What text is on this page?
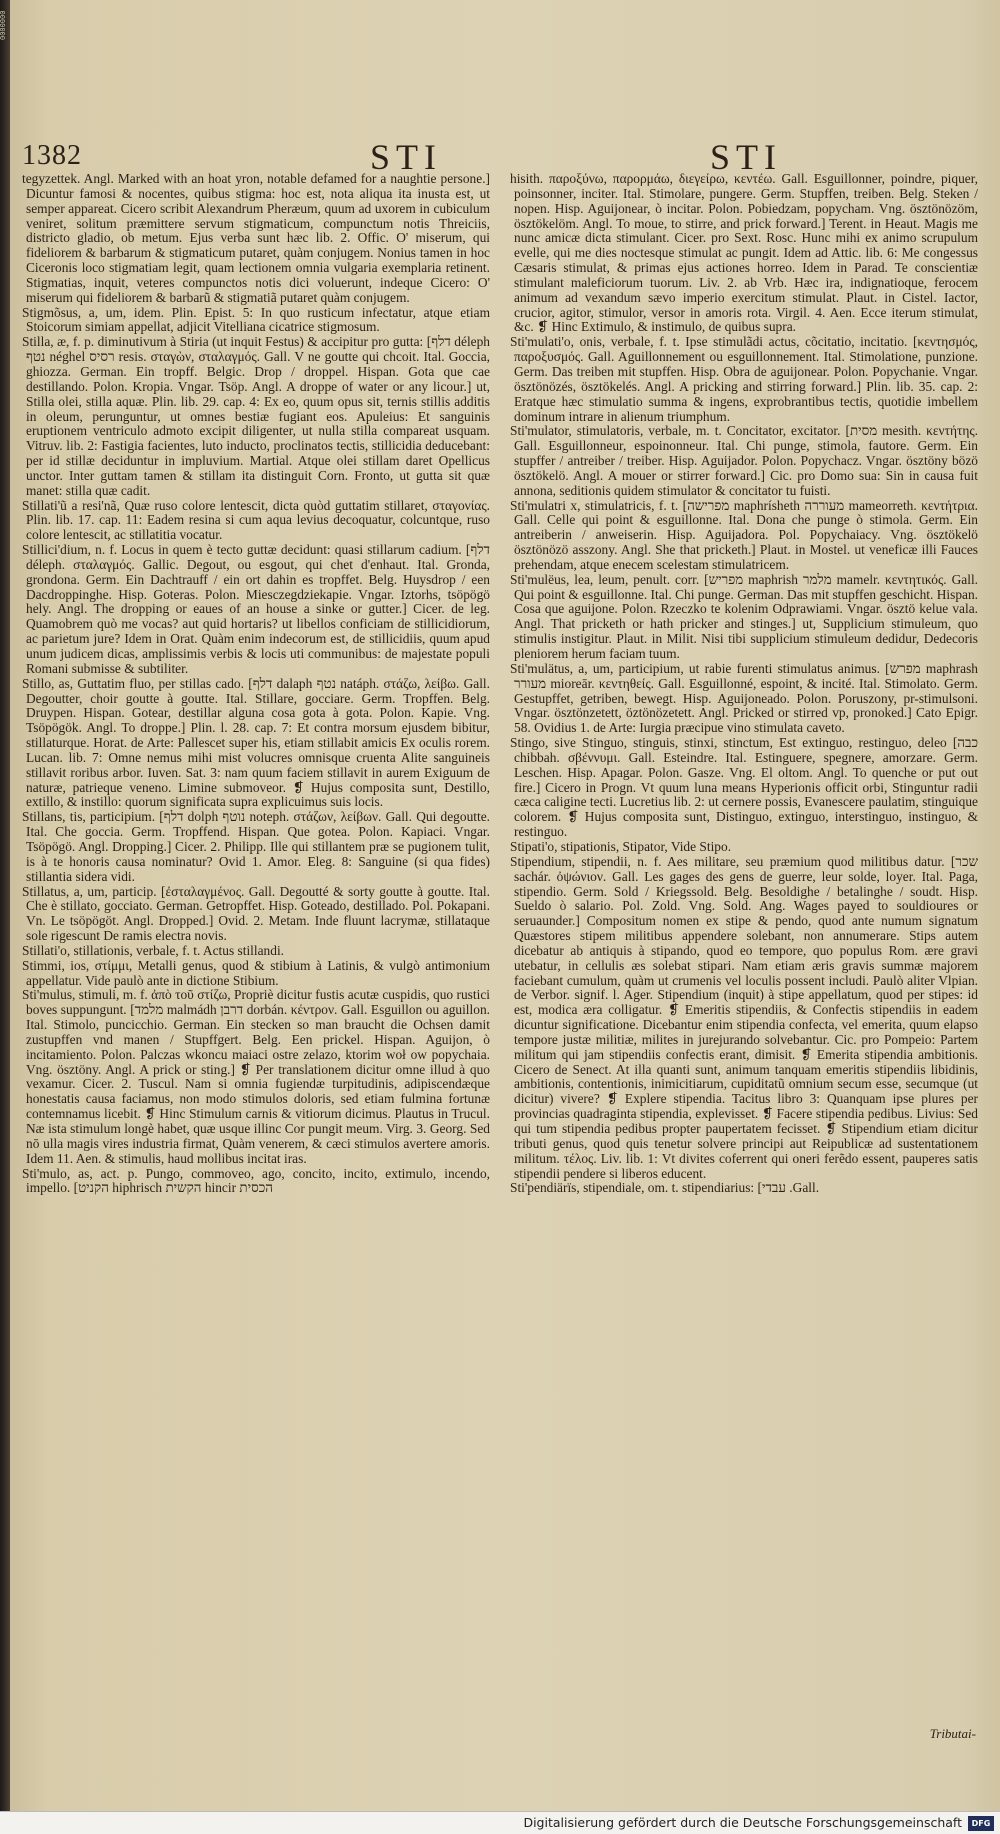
0000000
1382	STI	STI

tegyzettek. Angl. Marked with an hoat yron, notable defamed for a naughtie persone.] Dicuntur famosi & nocentes, quibus stigma: hoc est, nota aliqua ita inusta est, ut semper appareat. Cicero scribit Alexandrum Pheræum, quum ad uxorem in cubiculum veniret, solitum præmittere servum stigmaticum, compunctum notis Threiciis, districto gladio, ob metum. Ejus verba sunt hæc lib. 2. Offic. O' miserum, qui fideliorem & barbarum & stigmaticum putaret, quàm conjugem. Nonius tamen in hoc Ciceronis loco stigmatiam legit, quam lectionem omnia vulgaria exemplaria retinent. Stigmatias, inquit, veteres compunctos notis dici voluerunt, indeque Cicero: O' miserum qui fideliorem & barbarũ & stigmatiã putaret quàm conjugem.

Stigmõsus, a, um, idem. Plin. Epist. 5: In quo rusticum infectatur, atque etiam Stoicorum simiam appellat, adjicit Vitelliana cicatrice stigmosum.

Stilla, æ, f. p. diminutivum à Stiria (ut inquit Festus) & accipitur pro gutta: [דלף déleph נטף néghel רסיס resis. σταγὼν, σταλαγμός. Gall. V ne goutte qui chcoit. Ital. Goccia, ghiozza. German. Ein tropff. Belgic. Drop / droppel. Hispan. Gota que cae destillando. Polon. Kropia. Vngar. Tsöp. Angl. A droppe of water or any licour.] ut, Stilla olei, stilla aquæ. Plin. lib. 29. cap. 4: Ex eo, quum opus sit, ternis stillis additis in oleum, perunguntur, ut omnes bestiæ fugiant eos. Apuleius: Et sanguinis eruptionem ventriculo admoto excipit diligenter, ut nulla stilla compareat usquam. Vitruv. lib. 2: Fastigia facientes, luto inducto, proclinatos tectis, stillicidia deducebant: per id stillæ deciduntur in impluvium. Martial. Atque olei stillam daret Opellicus unctor. Inter guttam tamen & stillam ita distinguit Corn. Fronto, ut gutta sit quæ manet: stilla quæ cadit.

Stillati'ũ a resi'nã, Quæ ruso colore lentescit, dicta quòd guttatim stillaret, σταγονίας. Plin. lib. 17. cap. 11: Eadem resina si cum aqua levius decoquatur, colcuntque, ruso colore lentescit, ac stillatitia vocatur.

Stillici'dium, n. f. Locus in quem è tecto guttæ decidunt: quasi stillarum cadium. [דלף déleph. σταλαγμός. Gallic. Degout, ou esgout, qui chet d'enhaut. Ital. Gronda, grondona. Germ. Ein Dachtrauff / ein ort dahin es tropffet. Belg. Huysdrop / een Dacdroppinghe. Hisp. Goteras. Polon. Miesczegdziekapie. Vngar. Iztorhs, tsöpögö hely. Angl. The dropping or eaues of an house a sinke or gutter.] Cicer. de leg. Quamobrem quò me vocas? aut quid hortaris? ut libellos conficiam de stillicidiorum, ac parietum jure? Idem in Orat. Quàm enim indecorum est, de stillicidiis, quum apud unum judicem dicas, amplissimis verbis & locis uti communibus: de majestate populi Romani submisse & subtiliter.

Stillo, as, Guttatim fluo, per stillas cado. [דלף dalaph נטף natáph. στάζω, λείβω. Gall. Degoutter, choir goutte à goutte. Ital. Stillare, gocciare. Germ. Tropffen. Belg. Druypen. Hispan. Gotear, destillar alguna cosa gota à gota. Polon. Kapie. Vng. Tsöpögök. Angl. To droppe.] Plin. l. 28. cap. 7: Et contra morsum ejusdem bibitur, stillaturque. Horat. de Arte: Pallescet super his, etiam stillabit amicis Ex oculis rorem. Lucan. lib. 7: Omne nemus mihi mist volucres omnisque cruenta Alite sanguineis stillavit roribus arbor. Iuven. Sat. 3: nam quum faciem stillavit in aurem Exiguum de naturæ, patrieque veneno. Limine submoveor. ❡ Hujus composita sunt, Destillo, extillo, & instillo: quorum significata supra explicuimus suis locis.

Stillans, tis, participium. [דלף dolph נוטף noteph. στάζων, λείβων. Gall. Qui degoutte. Ital. Che goccia. Germ. Tropffend. Hispan. Que gotea. Polon. Kapiaci. Vngar. Tsöpögö. Angl. Dropping.] Cicer. 2. Philipp. Ille qui stillantem præ se pugionem tulit, is à te honoris causa nominatur? Ovid 1. Amor. Eleg. 8: Sanguine (si qua fides) stillantia sidera vidi.

Stillatus, a, um, particip. [ἐσταλαγμένος. Gall. Degoutté & sorty goutte à goutte. Ital. Che è stillato, gocciato. German. Getropffet. Hisp. Goteado, destillado. Pol. Pokapani. Vn. Le tsöpögöt. Angl. Dropped.] Ovid. 2. Metam. Inde fluunt lacrymæ, stillataque sole rigescunt De ramis electra novis.

Stillati'o, stillationis, verbale, f. t. Actus stillandi.

Stimmi, ios, στίμμι, Metalli genus, quod & stibium à Latinis, & vulgò antimonium appellatur. Vide paulò ante in dictione Stibium.

Sti'mulus, stimuli, m. f. ἀπὸ τοῦ στίζω, Propriè dicitur fustis acutæ cuspidis, quo rustici boves suppungunt. [מלמד malmádh דרבן dorbán. κέντρον. Gall. Esguillon ou aguillon. Ital. Stimolo, puncicchio. German. Ein stecken so man braucht die Ochsen damit zustupffen vnd manen / Stupffgert. Belg. Een prickel. Hispan. Aguijon, ò incitamiento. Polon. Palczas wkoncu maiaci ostre zelazo, ktorim woł ow popychaia. Vng. ösztöny. Angl. A prick or sting.] ❡ Per translationem dicitur omne illud à quo vexamur. Cicer. 2. Tuscul. Nam si omnia fugiendæ turpitudinis, adipiscendæque honestatis causa faciamus, non modo stimulos doloris, sed etiam fulmina fortunæ contemnamus licebit. ❡ Hinc Stimulum carnis & vitiorum dicimus. Plautus in Trucul. Næ ista stimulum longè habet, quæ usque illinc Cor pungit meum. Virg. 3. Georg. Sed nō ulla magis vires industria firmat, Quàm venerem, & cæci stimulos avertere amoris. Idem 11. Aen. & stimulis, haud mollibus incitat iras.

Sti'mulo, as, act. p. Pungo, commoveo, ago, concito, incito, extimulo, incendo, impello. [הקניט hiphrisch הקשית hincir הכסית

hisith. παροξύνω, παρορμάω, διεγείρω, κεντέω. Gall. Esguillonner, poindre, piquer, poinsonner, inciter. Ital. Stimolare, pungere. Germ. Stupffen, treiben. Belg. Steken / nopen. Hisp. Aguijonear, ò incitar. Polon. Pobiedzam, popycham. Vng. ösztönözöm, ösztökelöm. Angl. To moue, to stirre, and prick forward.] Terent. in Heaut. Magis me nunc amicæ dicta stimulant. Cicer. pro Sext. Rosc. Hunc mihi ex animo scrupulum evelle, qui me dies noctesque stimulat ac pungit. Idem ad Attic. lib. 6: Me congessus Cæsaris stimulat, & primas ejus actiones horreo. Idem in Parad. Te conscientiæ stimulant maleficiorum tuorum. Liv. 2. ab Vrb. Hæc ira, indignatioque, ferocem animum ad vexandum sævo imperio exercitum stimulat. Plaut. in Cistel. Iactor, crucior, agitor, stimulor, versor in amoris rota. Virgil. 4. Aen. Ecce iterum stimulat, &c. ❡ Hinc Extimulo, & instimulo, de quibus supra.

Sti'mulati'o, onis, verbale, f. t. Ipse stimulãdi actus, cõcitatio, incitatio. [κεντησμός, παροξυσμός. Gall. Aguillonnement ou esguillonnement. Ital. Stimolatione, punzione. Germ. Das treiben mit stupffen. Hisp. Obra de aguijonear. Polon. Popychanie. Vngar. ösztönözés, ösztökelés. Angl. A pricking and stirring forward.] Plin. lib. 35. cap. 2: Eratque hæc stimulatio summa & ingens, exprobrantibus tectis, quotidie imbellem dominum intrare in alienum triumphum.

Sti'mulator, stimulatoris, verbale, m. t. Concitator, excitator. [מסית mesith. κεντήτης. Gall. Esguillonneur, espoinonneur. Ital. Chi punge, stimola, fautore. Germ. Ein stupffer / antreiber / treiber. Hisp. Aguijador. Polon. Popychacz. Vngar. ösztöny bözö ösztökelö. Angl. A mouer or stirrer forward.] Cic. pro Domo sua: Sin in causa fuit annona, seditionis quidem stimulator & concitator tu fuisti.

Sti'mulatri x, stimulatricis, f. t. [מפרישה maphrísheth מעוררה mameorreth. κεντήτρια. Gall. Celle qui point & esguillonne. Ital. Dona che punge ò stimola. Germ. Ein antreiberin / anweiserin. Hisp. Aguijadora. Pol. Popychaiacy. Vng. ösztökelö ösztönözö asszony. Angl. She that pricketh.] Plaut. in Mostel. ut veneficæ illi Fauces prehendam, atque enecem scelestam stimulatricem.

Sti'mulëus, lea, leum, penult. corr. [מפריש maphrish מלמר mamelr. κεντητικός. Gall. Qui point & esguillonne. Ital. Chi punge. German. Das mit stupffen geschicht. Hispan. Cosa que aguijone. Polon. Rzeczko te kolenim Odprawiami. Vngar. ösztö kelue vala. Angl. That pricketh or hath pricker and stinges.] ut, Supplicium stimuleum, quo stimulis instigitur. Plaut. in Milit. Nisi tibi supplicium stimuleum dedidur, Dedecoris pleniorem herum faciam tuum.

Sti'mulätus, a, um, participium, ut rabie furenti stimulatus animus. [מפרש maphrash מעורר mioreār. κεντηθείς. Gall. Esguillonné, espoint, & incité. Ital. Stimolato. Germ. Gestupffet, getriben, bewegt. Hisp. Aguijoneado. Polon. Poruszony, pr-stimulsoni. Vngar. ösztönzetett, öztönözetett. Angl. Pricked or stirred vp, pronoked.] Cato Epigr. 58. Ovidius 1. de Arte: Iurgia præcipue vino stimulata caveto.

Stingo, sive Stinguo, stinguis, stinxi, stinctum, Est extinguo, restinguo, deleo [כבה chibbah. σβέννυμι. Gall. Esteindre. Ital. Estinguere, spegnere, amorzare. Germ. Leschen. Hisp. Apagar. Polon. Gasze. Vng. El oltom. Angl. To quenche or put out fire.] Cicero in Progn. Vt quum luna means Hyperionis officit orbi, Stinguntur radii cæca caligine tecti. Lucretius lib. 2: ut cernere possis, Evanescere paulatim, stinguique colorem. ❡ Hujus composita sunt, Distinguo, extinguo, interstinguo, instinguo, & restinguo.

Stipati'o, stipationis, Stipator, Vide Stipo.

Stipendium, stipendii, n. f. Aes militare, seu præmium quod militibus datur. [שכר sachár. ὀψώνιον. Gall. Les gages des gens de guerre, leur solde, loyer. Ital. Paga, stipendio. Germ. Sold / Kriegssold. Belg. Besoldighe / betalinghe / soudt. Hisp. Sueldo ò salario. Pol. Zold. Vng. Sold. Ang. Wages payed to souldioures or seruaunder.] Compositum nomen ex stipe & pendo, quod ante numum signatum Quæstores stipem militibus appendere solebant, non annumerare. Stips autem dicebatur ab antiquis à stipando, quod eo tempore, quo populus Rom. ære gravi utebatur, in cellulis æs solebat stipari. Nam etiam æris gravis summæ majorem faciebant cumulum, quàm ut crumenis vel loculis possent includi. Paulò aliter Vlpian. de Verbor. signif. l. Ager. Stipendium (inquit) à stipe appellatum, quod per stipes: id est, modica æra colligatur. ❡ Emeritis stipendiis, & Confectis stipendiis in eadem dicuntur significatione. Dicebantur enim stipendia confecta, vel emerita, quum elapso tempore justæ militiæ, milites in jurejurando solvebantur. Cic. pro Pompeio: Partem militum qui jam stipendiis confectis erant, dimisit. ❡ Emerita stipendia ambitionis. Cicero de Senect. At illa quanti sunt, animum tanquam emeritis stipendiis libidinis, ambitionis, contentionis, inimicitiarum, cupiditatũ omnium secum esse, secumque (ut dicitur) vivere? ❡ Explere stipendia. Tacitus libro 3: Quanquam ipse plures per provincias quadraginta stipendia, explevisset. ❡ Facere stipendia pedibus. Livius: Sed qui tum stipendia pedibus propter paupertatem fecisset. ❡ Stipendium etiam dicitur tributi genus, quod quis tenetur solvere principi aut Reipublicæ ad sustentationem militum. τέλος. Liv. lib. 1: Vt divites coferrent qui oneri ferẽdo essent, pauperes satis stipendii pendere si liberos educent.

Sti'pendiärïs, stipendiale, om. t. stipendiarius: [עבדי .Gall.

Tributai-
Digitalisierung gefördert durch die Deutsche Forschungsgemeinschaft	DFG
